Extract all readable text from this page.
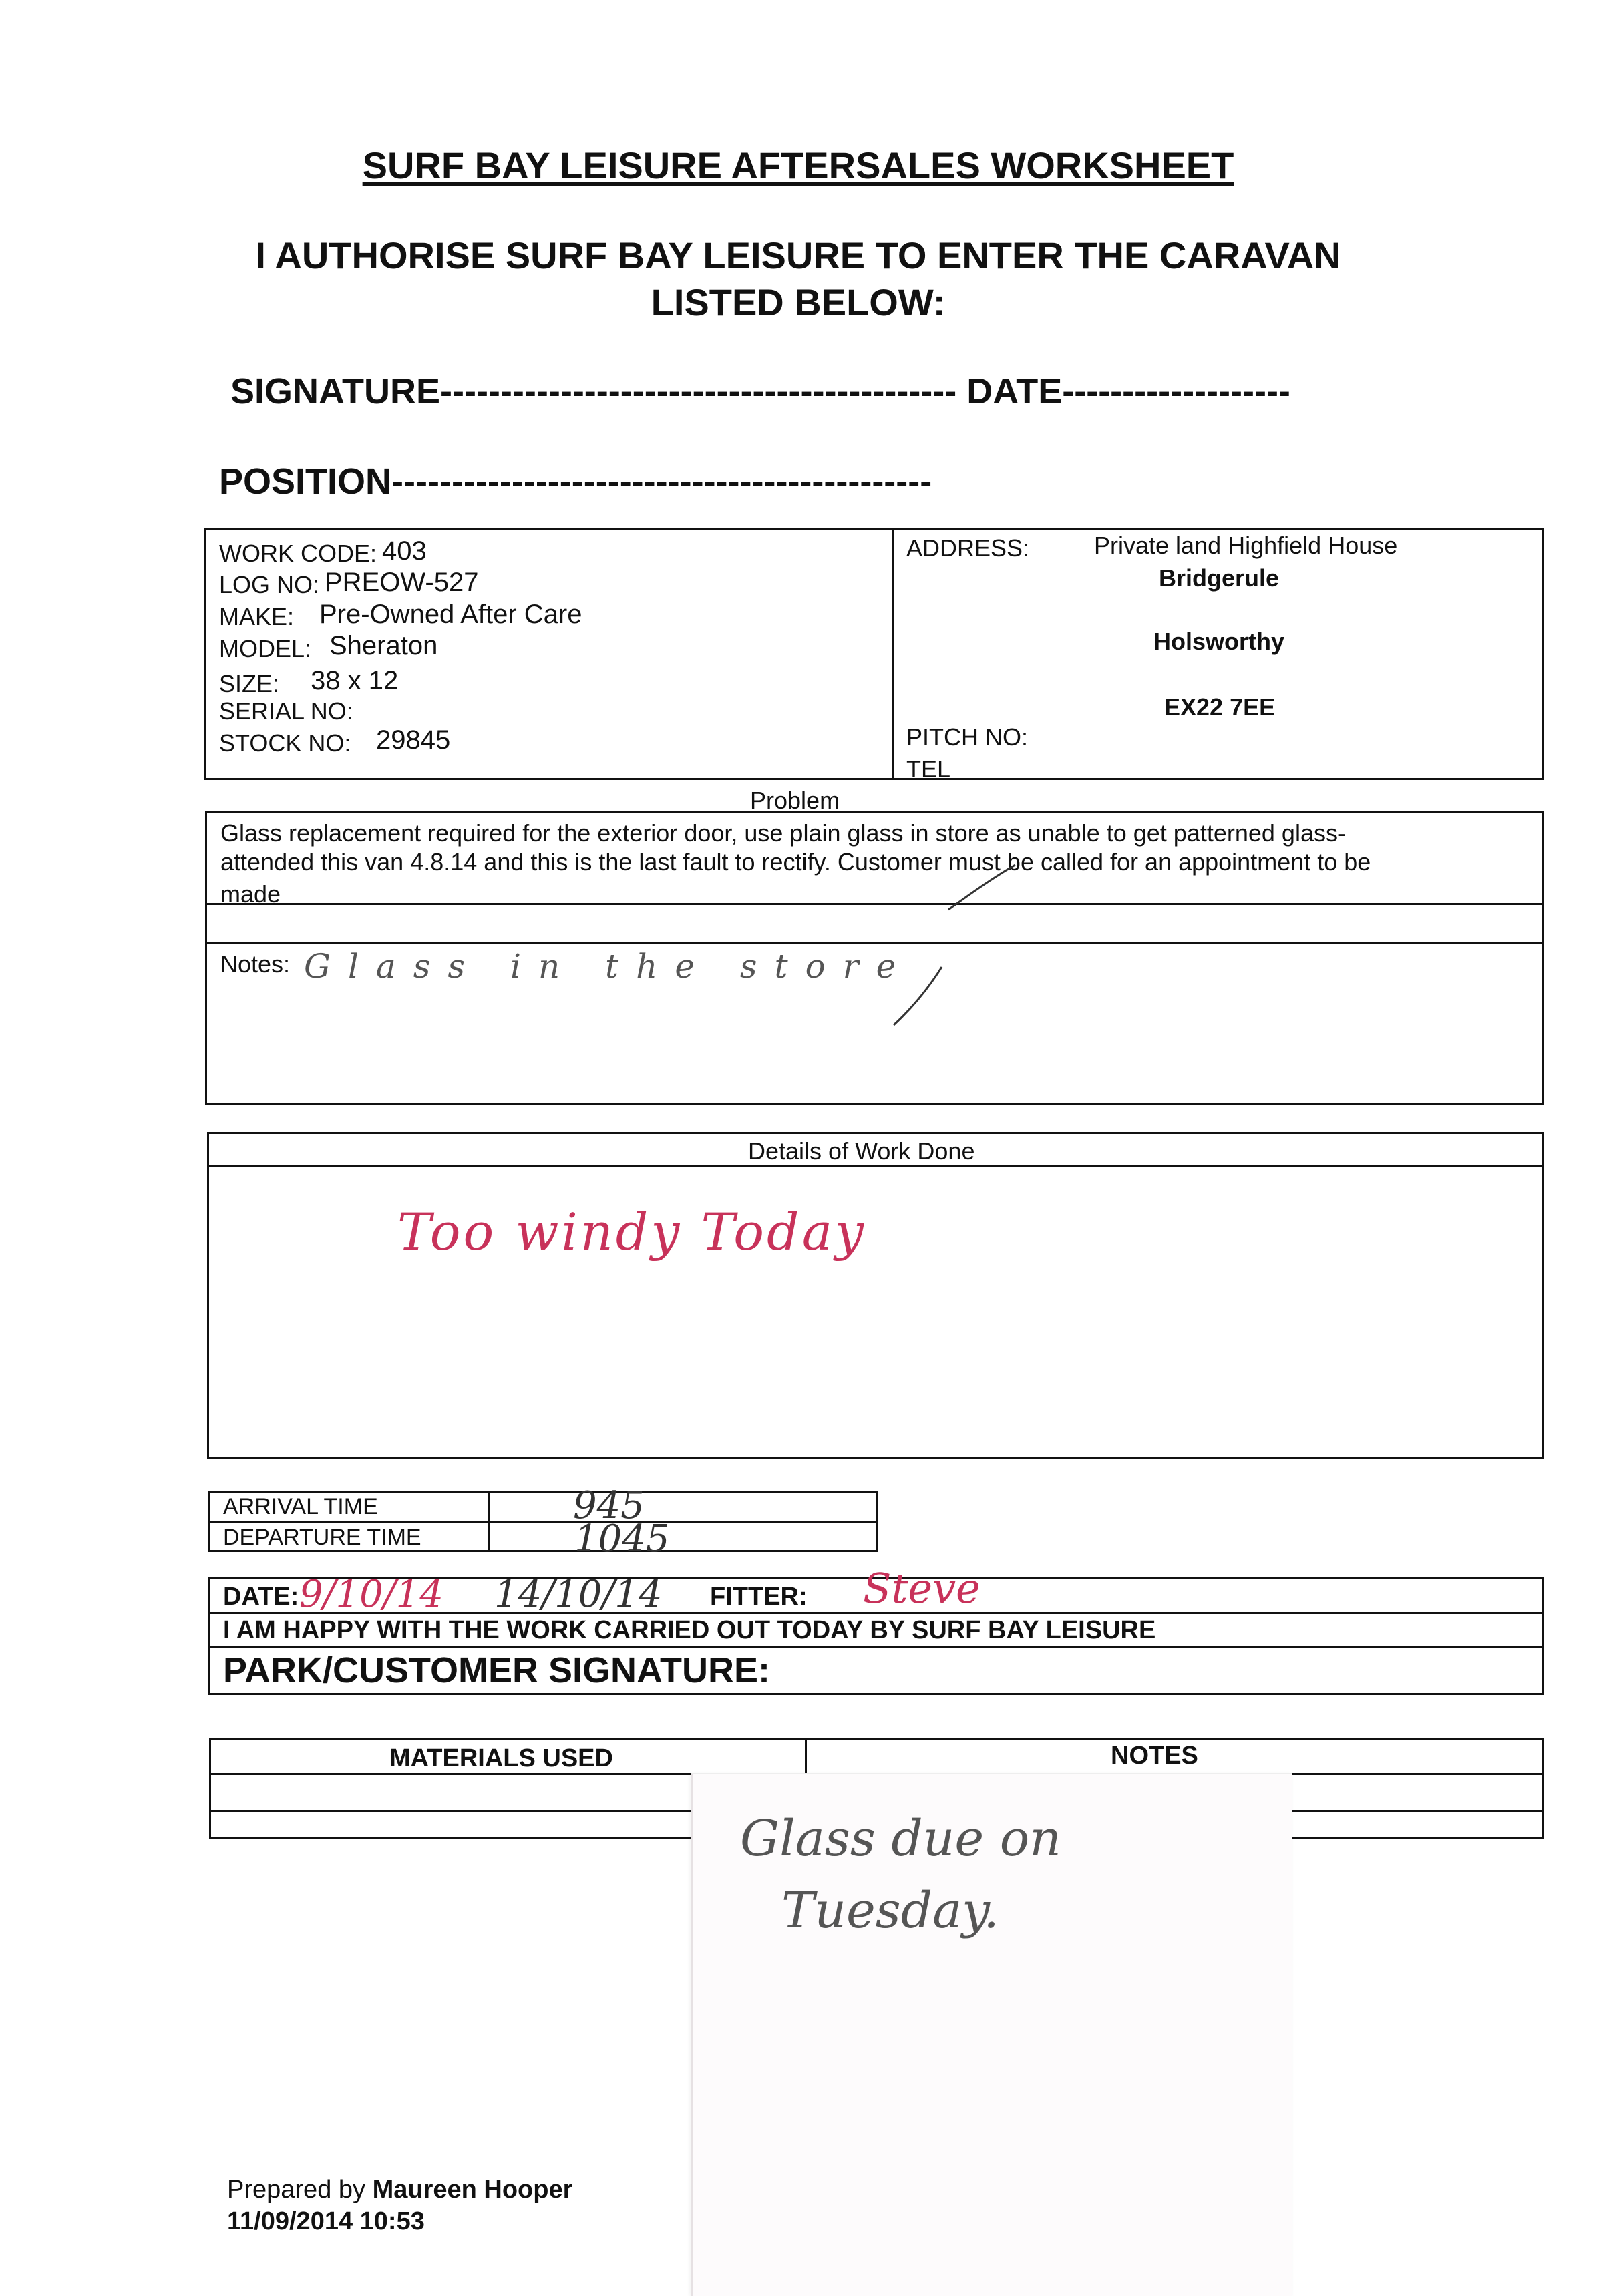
SURF BAY LEISURE AFTERSALES WORKSHEET
I AUTHORISE SURF BAY LEISURE TO ENTER THE CARAVAN
LISTED BELOW:
SIGNATURE------------------------------------------- DATE-------------------
POSITION---------------------------------------------
WORK CODE: 403
LOG NO: PREOW-527
MAKE: Pre-Owned After Care
MODEL: Sheraton
SIZE: 38 x 12
SERIAL NO:
STOCK NO: 29845
ADDRESS:	Private land Highfield House
Bridgerule
Holsworthy
EX22 7EE
PITCH NO:
TEL
Problem
Glass replacement required for the exterior door, use plain glass in store as unable to get patterned glass-
attended this van 4.8.14 and this is the last fault to rectify. Customer must be called for an appointment to be
made
Notes: Glass in the store
Details of Work Done
Too windy Today
ARRIVAL TIME
DEPARTURE TIME
945
1045
DATE: 9/10/14 14/10/14 FITTER: Steve
I AM HAPPY WITH THE WORK CARRIED OUT TODAY BY SURF BAY LEISURE
PARK/CUSTOMER SIGNATURE:
MATERIALS USED	NOTES
Glass due on
Tuesday.
Prepared by Maureen Hooper
11/09/2014 10:53
